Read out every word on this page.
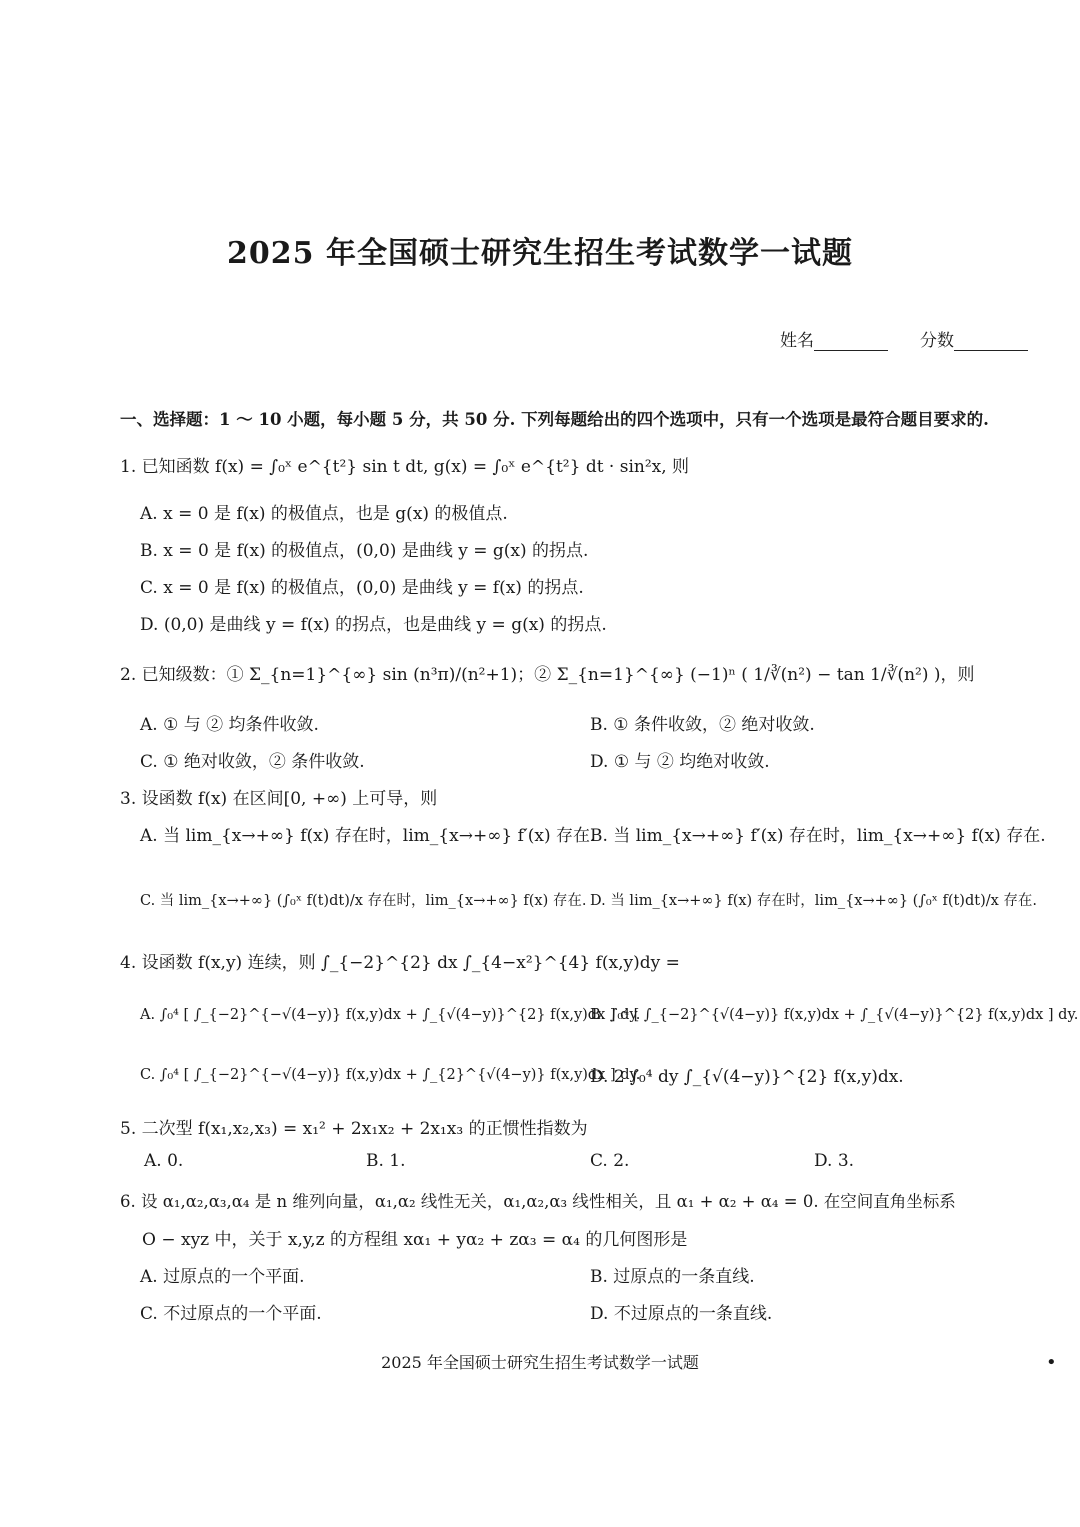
2025 年全国硕士研究生招生考试数学一试题
姓名	分数
一、选择题：1 ～ 10 小题，每小题 5 分，共 50 分. 下列每题给出的四个选项中，只有一个选项是最符合题目要求的.
1. 已知函数 f(x) = ∫₀ˣ e^{t²} sin t dt, g(x) = ∫₀ˣ e^{t²} dt · sin²x, 则
A. x = 0 是 f(x) 的极值点，也是 g(x) 的极值点.
B. x = 0 是 f(x) 的极值点，(0,0) 是曲线 y = g(x) 的拐点.
C. x = 0 是 f(x) 的极值点，(0,0) 是曲线 y = f(x) 的拐点.
D. (0,0) 是曲线 y = f(x) 的拐点，也是曲线 y = g(x) 的拐点.
2. 已知级数：① Σ_{n=1}^{∞} sin (n³π)/(n²+1)；② Σ_{n=1}^{∞} (−1)ⁿ ( 1/∛(n²) − tan 1/∛(n²) )，则
A. ① 与 ② 均条件收敛.	B. ① 条件收敛，② 绝对收敛.
C. ① 绝对收敛，② 条件收敛.	D. ① 与 ② 均绝对收敛.
3. 设函数 f(x) 在区间[0, +∞) 上可导，则
A. 当 lim_{x→+∞} f(x) 存在时，lim_{x→+∞} f′(x) 存在.
B. 当 lim_{x→+∞} f′(x) 存在时，lim_{x→+∞} f(x) 存在.
C. 当 lim_{x→+∞} (∫₀ˣ f(t)dt)/x 存在时，lim_{x→+∞} f(x) 存在. D. 当 lim_{x→+∞} f(x) 存在时，lim_{x→+∞} (∫₀ˣ f(t)dt)/x 存在.
4. 设函数 f(x,y) 连续，则 ∫_{−2}^{2} dx ∫_{4−x²}^{4} f(x,y)dy =
A. ∫₀⁴ [ ∫_{−2}^{−√(4−y)} f(x,y)dx + ∫_{√(4−y)}^{2} f(x,y)dx ] dy.
B. ∫₀⁴ [ ∫_{−2}^{√(4−y)} f(x,y)dx + ∫_{√(4−y)}^{2} f(x,y)dx ] dy.
C. ∫₀⁴ [ ∫_{−2}^{−√(4−y)} f(x,y)dx + ∫_{2}^{√(4−y)} f(x,y)dx ] dy.
D. 2 ∫₀⁴ dy ∫_{√(4−y)}^{2} f(x,y)dx.
5. 二次型 f(x₁,x₂,x₃) = x₁² + 2x₁x₂ + 2x₁x₃ 的正惯性指数为
A. 0.	B. 1.	C. 2.	D. 3.
6. 设 α₁,α₂,α₃,α₄ 是 n 维列向量，α₁,α₂ 线性无关，α₁,α₂,α₃ 线性相关，且 α₁ + α₂ + α₄ = 0. 在空间直角坐标系
O − xyz 中，关于 x,y,z 的方程组 xα₁ + yα₂ + zα₃ = α₄ 的几何图形是
A. 过原点的一个平面.	B. 过原点的一条直线.
C. 不过原点的一个平面.	D. 不过原点的一条直线.
2025 年全国硕士研究生招生考试数学一试题	•
